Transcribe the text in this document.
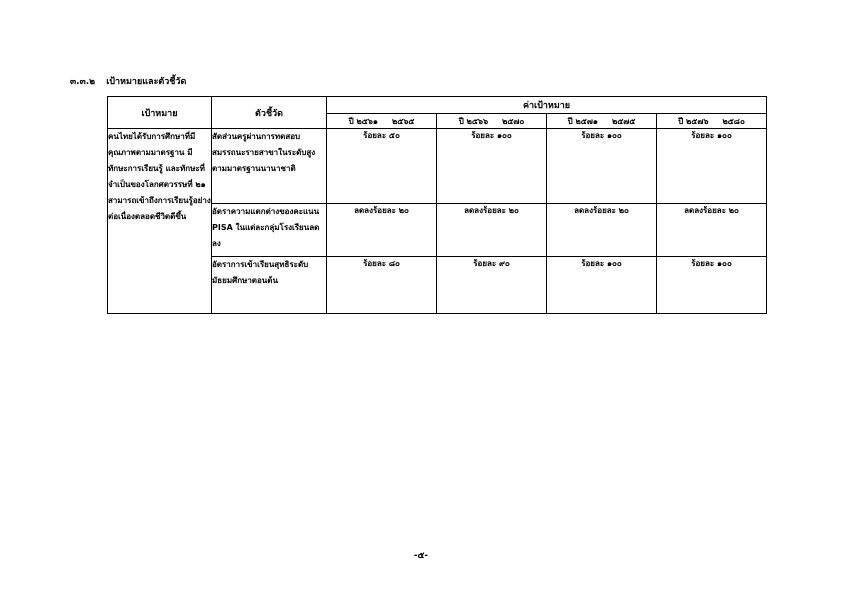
๓.๓.๒ เป้าหมายและตัวชี้วัด
เป้าหมาย	ตัวชี้วัด	ค่าเป้าหมาย			
		ปี ๒๕๖๑ ๒๕๖๕	ปี ๒๕๖๖ ๒๕๗๐	ปี ๒๕๗๑ ๒๕๗๕	ปี ๒๕๗๖ ๒๕๘๐
คนไทยได้รับการศึกษาที่มีคุณภาพตามมาตรฐาน มีทักษะการเรียนรู้ และทักษะที่จำเป็นของโลกศตวรรษที่ ๒๑ สามารถเข้าถึงการเรียนรู้อย่างต่อเนื่องตลอดชีวิตดีขึ้น	สัดส่วนครูผ่านการทดสอบสมรรถนะรายสาขาในระดับสูงตามมาตรฐานนานาชาติ	ร้อยละ ๕๐	ร้อยละ ๑๐๐	ร้อยละ ๑๐๐	ร้อยละ ๑๐๐
	อัตราความแตกต่างของคะแนน PISA ในแต่ละกลุ่มโรงเรียนลดลง	ลดลงร้อยละ ๒๐	ลดลงร้อยละ ๒๐	ลดลงร้อยละ ๒๐	ลดลงร้อยละ ๒๐
	อัตราการเข้าเรียนสุทธิระดับมัธยมศึกษาตอนต้น	ร้อยละ ๘๐	ร้อยละ ๙๐	ร้อยละ ๑๐๐	ร้อยละ ๑๐๐
-๕-
